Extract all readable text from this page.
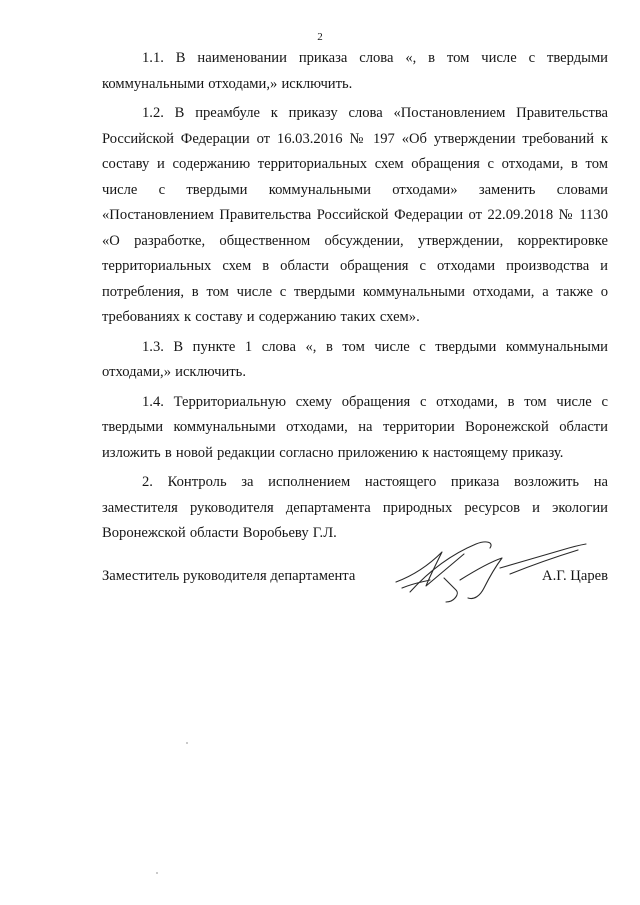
2

1.1. В наименовании приказа слова «, в том числе с твердыми коммунальными отходами,» исключить.

1.2. В преамбуле к приказу слова «Постановлением Правительства Российской Федерации от 16.03.2016 № 197 «Об утверждении требований к составу и содержанию территориальных схем обращения с отходами, в том числе с твердыми коммунальными отходами» заменить словами «Постановлением Правительства Российской Федерации от 22.09.2018 № 1130 «О разработке, общественном обсуждении, утверждении, корректировке территориальных схем в области обращения с отходами производства и потребления, в том числе с твердыми коммунальными отходами, а также о требованиях к составу и содержанию таких схем».

1.3. В пункте 1 слова «, в том числе с твердыми коммунальными отходами,» исключить.

1.4. Территориальную схему обращения с отходами, в том числе с твердыми коммунальными отходами, на территории Воронежской области изложить в новой редакции согласно приложению к настоящему приказу.

2. Контроль за исполнением настоящего приказа возложить на заместителя руководителя департамента природных ресурсов и экологии Воронежской области Воробьеву Г.Л.

Заместитель руководителя департамента	А.Г. Царев
